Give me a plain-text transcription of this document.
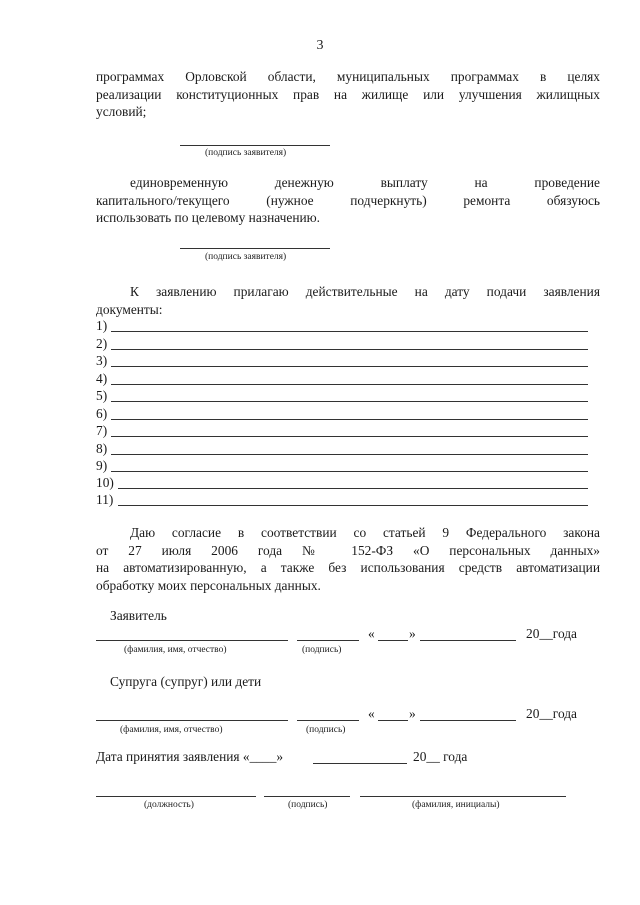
3
программах Орловской области, муниципальных программах в целях
реализации конституционных прав на жилище или улучшения жилищных
условий;
(подпись заявителя)
единовременную денежную выплату на проведение
капитального/текущего (нужное подчеркнуть) ремонта обязуюсь
использовать по целевому назначению.
(подпись заявителя)
К заявлению прилагаю действительные на дату подачи заявления
документы:
1)
2)
3)
4)
5)
6)
7)
8)
9)
10)
11)
Даю согласие в соответствии со статьей 9 Федерального закона
от 27 июля 2006 года № 152-ФЗ «О персональных данных»
на автоматизированную, а также без использования средств автоматизации
обработку моих персональных данных.
Заявитель
«	»	20__года
(фамилия, имя, отчество)	(подпись)
Супруга (супруг) или дети
«	»	20__года
(фамилия, имя, отчество)	(подпись)
Дата принятия заявления «____»	20__ года
(должность)	(подпись)	(фамилия, инициалы)
